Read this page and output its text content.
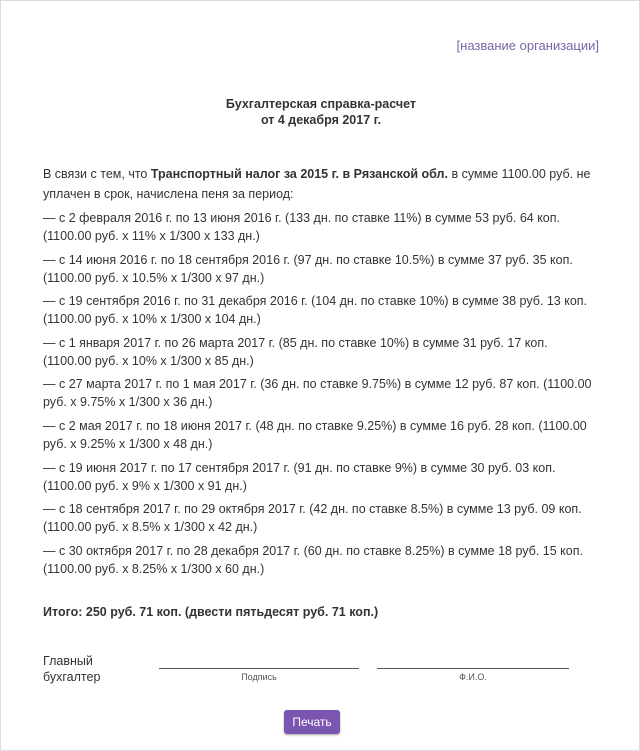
[название организации]
Бухгалтерская справка-расчет
от 4 декабря 2017 г.
В связи с тем, что Транспортный налог за 2015 г. в Рязанской обл. в сумме 1100.00 руб. не уплачен в срок, начислена пеня за период:
— с 2 февраля 2016 г. по 13 июня 2016 г. (133 дн. по ставке 11%) в сумме 53 руб. 64 коп. (1100.00 руб. x 11% x 1/300 x 133 дн.)
— с 14 июня 2016 г. по 18 сентября 2016 г. (97 дн. по ставке 10.5%) в сумме 37 руб. 35 коп. (1100.00 руб. x 10.5% x 1/300 x 97 дн.)
— с 19 сентября 2016 г. по 31 декабря 2016 г. (104 дн. по ставке 10%) в сумме 38 руб. 13 коп. (1100.00 руб. x 10% x 1/300 x 104 дн.)
— с 1 января 2017 г. по 26 марта 2017 г. (85 дн. по ставке 10%) в сумме 31 руб. 17 коп. (1100.00 руб. x 10% x 1/300 x 85 дн.)
— с 27 марта 2017 г. по 1 мая 2017 г. (36 дн. по ставке 9.75%) в сумме 12 руб. 87 коп. (1100.00 руб. x 9.75% x 1/300 x 36 дн.)
— с 2 мая 2017 г. по 18 июня 2017 г. (48 дн. по ставке 9.25%) в сумме 16 руб. 28 коп. (1100.00 руб. x 9.25% x 1/300 x 48 дн.)
— с 19 июня 2017 г. по 17 сентября 2017 г. (91 дн. по ставке 9%) в сумме 30 руб. 03 коп. (1100.00 руб. x 9% x 1/300 x 91 дн.)
— с 18 сентября 2017 г. по 29 октября 2017 г. (42 дн. по ставке 8.5%) в сумме 13 руб. 09 коп. (1100.00 руб. x 8.5% x 1/300 x 42 дн.)
— с 30 октября 2017 г. по 28 декабря 2017 г. (60 дн. по ставке 8.25%) в сумме 18 руб. 15 коп. (1100.00 руб. x 8.25% x 1/300 x 60 дн.)
Итого: 250 руб. 71 коп. (двести пятьдесят руб. 71 коп.)
Главный
бухгалтер	Подпись	Ф.И.О.
Печать
